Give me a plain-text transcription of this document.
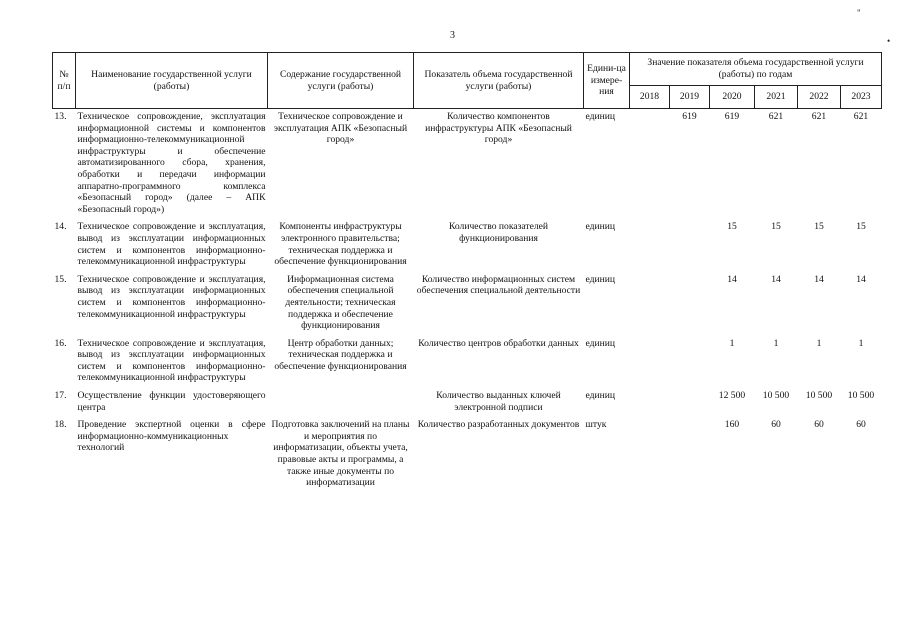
3
"
•
№ п/п	Наименование государственной услуги (работы)	Содержание государственной услуги (работы)	Показатель объема государственной услуги (работы)	Едини-ца измере-ния	Значение показателя объема государственной услуги (работы) по годам					
					2018	2019	2020	2021	2022	2023
13.	Техническое сопровождение, эксплуатация информационной системы и компонентов информационно-телекоммуникационной инфраструктуры и обеспечение автоматизированного сбора, хранения, обработки и передачи информации аппаратно-программного комплекса «Безопасный город» (далее – АПК «Безопасный город»)	Техническое сопровождение и эксплуатация АПК «Безопасный город»	Количество компонентов инфраструктуры АПК «Безопасный город»	единиц		619	619	621	621	621
14.	Техническое сопровождение и эксплуатация, вывод из эксплуатации информационных систем и компонентов информационно-телекоммуникационной инфраструктуры	Компоненты инфраструктуры электронного правительства; техническая поддержка и обеспечение функционирования	Количество показателей функционирования	единиц			15	15	15	15
15.	Техническое сопровождение и эксплуатация, вывод из эксплуатации информационных систем и компонентов информационно-телекоммуникационной инфраструктуры	Информационная система обеспечения специальной деятельности; техническая поддержка и обеспечение функционирования	Количество информационных систем обеспечения специальной деятельности	единиц			14	14	14	14
16.	Техническое сопровождение и эксплуатация, вывод из эксплуатации информационных систем и компонентов информационно-телекоммуникационной инфраструктуры	Центр обработки данных; техническая поддержка и обеспечение функционирования	Количество центров обработки данных	единиц			1	1	1	1
17.	Осуществление функции удостоверяющего центра		Количество выданных ключей электронной подписи	единиц			12 500	10 500	10 500	10 500
18.	Проведение экспертной оценки в сфере информационно-коммуникационных технологий	Подготовка заключений на планы и мероприятия по информатизации, объекты учета, правовые акты и программы, а также иные документы по информатизации	Количество разработанных документов	штук			160	60	60	60
